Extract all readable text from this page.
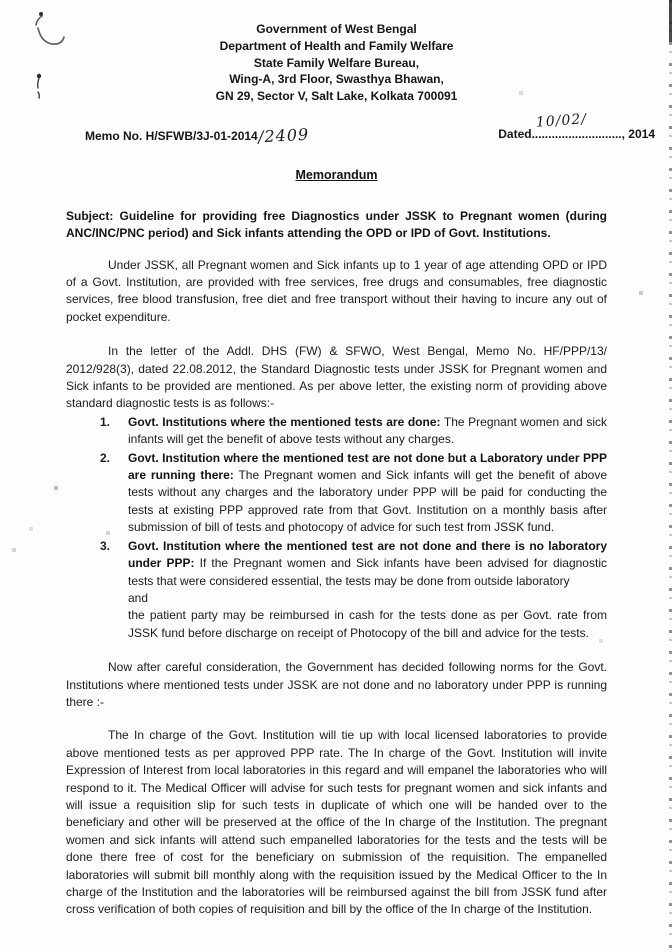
Government of West Bengal
Department of Health and Family Welfare
State Family Welfare Bureau,
Wing-A, 3rd Floor, Swasthya Bhawan,
GN 29, Sector V, Salt Lake, Kolkata 700091
Memo No. H/SFWB/3J-01-2014/2409	Dated...........................
10/02/
, 2014
Memorandum
Subject: Guideline for providing free Diagnostics under JSSK to Pregnant women (during ANC/INC/PNC period) and Sick infants attending the OPD or IPD of Govt. Institutions.
Under JSSK, all Pregnant women and Sick infants up to 1 year of age attending OPD or IPD of a Govt. Institution, are provided with free services, free drugs and consumables, free diagnostic services, free blood transfusion, free diet and free transport without their having to incure any out of pocket expenditure.
In the letter of the Addl. DHS (FW) & SFWO, West Bengal, Memo No. HF/PPP/13/ 2012/928(3), dated 22.08.2012, the Standard Diagnostic tests under JSSK for Pregnant women and Sick infants to be provided are mentioned. As per above letter, the existing norm of providing above standard diagnostic tests is as follows:-
1. Govt. Institutions where the mentioned tests are done: The Pregnant women and sick infants will get the benefit of above tests without any charges.
2. Govt. Institution where the mentioned test are not done but a Laboratory under PPP are running there: The Pregnant women and Sick infants will get the benefit of above tests without any charges and the laboratory under PPP will be paid for conducting the tests at existing PPP approved rate from that Govt. Institution on a monthly basis after submission of bill of tests and photocopy of advice for such test from JSSK fund.
3. Govt. Institution where the mentioned test are not done and there is no laboratory under PPP: If the Pregnant women and Sick infants have been advised for diagnostic tests that were considered essential, the tests may be done from outside laboratory
and
the patient party may be reimbursed in cash for the tests done as per Govt. rate from JSSK fund before discharge on receipt of Photocopy of the bill and advice for the tests.
Now after careful consideration, the Government has decided following norms for the Govt. Institutions where mentioned tests under JSSK are not done and no laboratory under PPP is running there :-
The In charge of the Govt. Institution will tie up with local licensed laboratories to provide above mentioned tests as per approved PPP rate. The In charge of the Govt. Institution will invite Expression of Interest from local laboratories in this regard and will empanel the laboratories who will respond to it. The Medical Officer will advise for such tests for pregnant women and sick infants and will issue a requisition slip for such tests in duplicate of which one will be handed over to the beneficiary and other will be preserved at the office of the In charge of the Institution. The pregnant women and sick infants will attend such empanelled laboratories for the tests and the tests will be done there free of cost for the beneficiary on submission of the requisition. The empanelled laboratories will submit bill monthly along with the requisition issued by the Medical Officer to the In charge of the Institution and the laboratories will be reimbursed against the bill from JSSK fund after cross verification of both copies of requisition and bill by the office of the In charge of the Institution.
